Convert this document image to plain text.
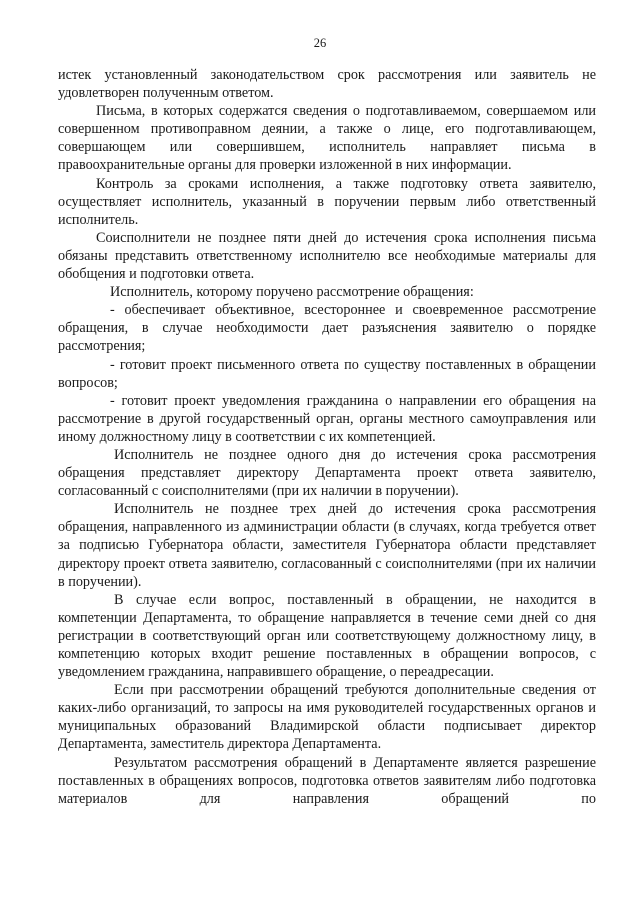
26

истек установленный законодательством срок рассмотрения или заявитель не удовлетворен полученным ответом.

Письма, в которых содержатся сведения о подготавливаемом, совершаемом или совершенном противоправном деянии, а также о лице, его подготавливающем, совершающем или совершившем, исполнитель направляет письма в правоохранительные органы для проверки изложенной в них информации.

Контроль за сроками исполнения, а также подготовку ответа заявителю, осуществляет исполнитель, указанный в поручении первым либо ответственный исполнитель.

Соисполнители не позднее пяти дней до истечения срока исполнения письма обязаны представить ответственному исполнителю все необходимые материалы для обобщения и подготовки ответа.

Исполнитель, которому поручено рассмотрение обращения:

- обеспечивает объективное, всестороннее и своевременное рассмотрение обращения, в случае необходимости дает разъяснения заявителю о порядке рассмотрения;

- готовит проект письменного ответа по существу поставленных в обращении вопросов;

- готовит проект уведомления гражданина о направлении его обращения на рассмотрение в другой государственный орган, органы местного самоуправления или иному должностному лицу в соответствии с их компетенцией.

Исполнитель не позднее одного дня до истечения срока рассмотрения обращения представляет директору Департамента проект ответа заявителю, согласованный с соисполнителями (при их наличии в поручении).

Исполнитель не позднее трех дней до истечения срока рассмотрения обращения, направленного из администрации области (в случаях, когда требуется ответ за подписью Губернатора области, заместителя Губернатора области представляет директору проект ответа заявителю, согласованный с соисполнителями (при их наличии в поручении).

В случае если вопрос, поставленный в обращении, не находится в компетенции Департамента, то обращение направляется в течение семи дней со дня регистрации в соответствующий орган или соответствующему должностному лицу, в компетенцию которых входит решение поставленных в обращении вопросов, с уведомлением гражданина, направившего обращение, о переадресации.

Если при рассмотрении обращений требуются дополнительные сведения от каких-либо организаций, то запросы на имя руководителей государственных органов и муниципальных образований Владимирской области подписывает директор Департамента, заместитель директора Департамента.

Результатом рассмотрения обращений в Департаменте является разрешение поставленных в обращениях вопросов, подготовка ответов заявителям либо подготовка материалов для направления обращений по
